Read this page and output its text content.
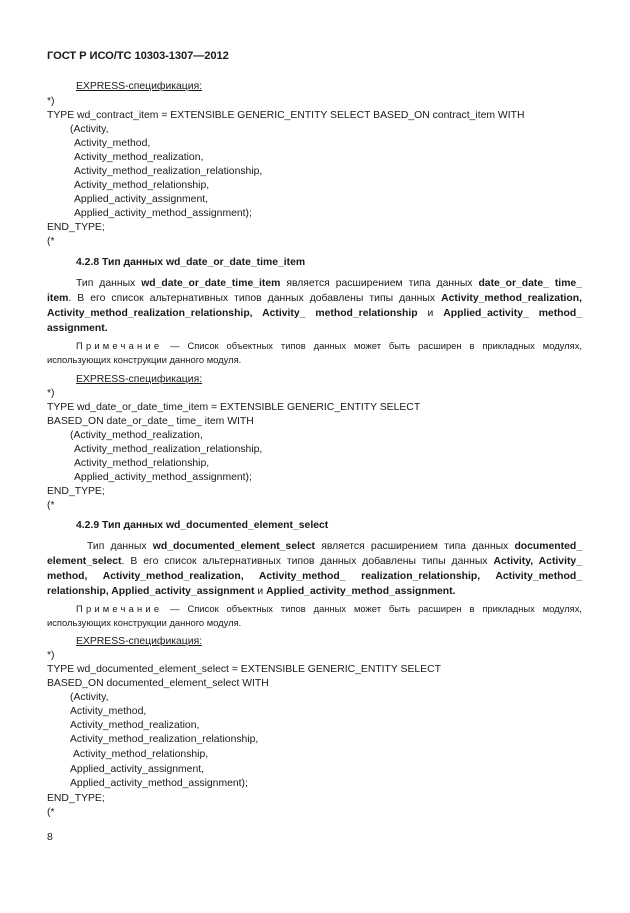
ГОСТ Р ИСО/ТС 10303-1307—2012
EXPRESS-спецификация:
*)
TYPE wd_contract_item = EXTENSIBLE GENERIC_ENTITY SELECT BASED_ON contract_item WITH
(Activity,
Activity_method,
Activity_method_realization,
Activity_method_realization_relationship,
Activity_method_relationship,
Applied_activity_assignment,
Applied_activity_method_assignment);
END_TYPE;
(*
4.2.8 Тип данных wd_date_or_date_time_item
Тип данных wd_date_or_date_time_item является расширением типа данных date_or_date_ time_ item. В его список альтернативных типов данных добавлены типы данных Activity_method_realization, Activity_method_realization_relationship, Activity_ method_relationship и Applied_activity_ method_ assignment.
Примечание — Список объектных типов данных может быть расширен в прикладных модулях, использующих конструкции данного модуля.
EXPRESS-спецификация:
*)
TYPE wd_date_or_date_time_item = EXTENSIBLE GENERIC_ENTITY SELECT
BASED_ON date_or_date_ time_ item WITH
(Activity_method_realization,
Activity_method_realization_relationship,
Activity_method_relationship,
Applied_activity_method_assignment);
END_TYPE;
(*
4.2.9 Тип данных wd_documented_element_select
Тип данных wd_documented_element_select является расширением типа данных documented_ element_select. В его список альтернативных типов данных добавлены типы данных Activity, Activity_ method, Activity_method_realization, Activity_method_ realization_relationship, Activity_method_ relationship, Applied_activity_assignment и Applied_activity_method_assignment.
Примечание — Список объектных типов данных может быть расширен в прикладных модулях, использующих конструкции данного модуля.
EXPRESS-спецификация:
*)
TYPE wd_documented_element_select = EXTENSIBLE GENERIC_ENTITY SELECT
BASED_ON documented_element_select WITH
(Activity,
Activity_method,
Activity_method_realization,
Activity_method_realization_relationship,
Activity_method_relationship,
Applied_activity_assignment,
Applied_activity_method_assignment);
END_TYPE;
(*
8
